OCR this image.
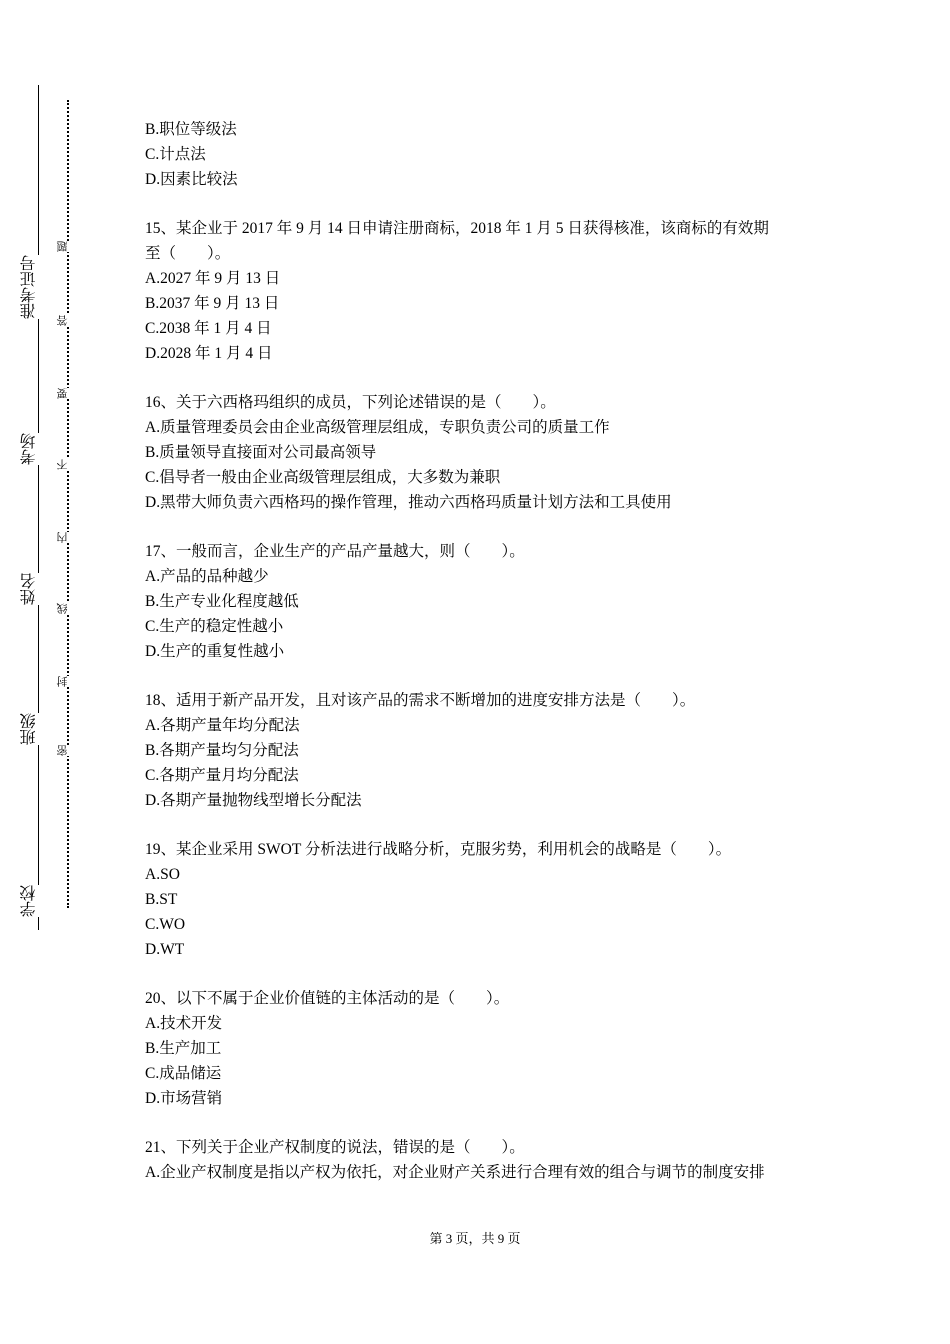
准考证号
考场
姓名
班级
学校
题
答
要
不
内
线
封
密
B.职位等级法
C.计点法
D.因素比较法
15、某企业于 2017 年 9 月 14 日申请注册商标，2018 年 1 月 5 日获得核准，该商标的有效期
至（　　）。
A.2027 年 9 月 13 日
B.2037 年 9 月 13 日
C.2038 年 1 月 4 日
D.2028 年 1 月 4 日
16、关于六西格玛组织的成员，下列论述错误的是（　　）。
A.质量管理委员会由企业高级管理层组成，专职负责公司的质量工作
B.质量领导直接面对公司最高领导
C.倡导者一般由企业高级管理层组成，大多数为兼职
D.黑带大师负责六西格玛的操作管理，推动六西格玛质量计划方法和工具使用
17、一般而言，企业生产的产品产量越大，则（　　）。
A.产品的品种越少
B.生产专业化程度越低
C.生产的稳定性越小
D.生产的重复性越小
18、适用于新产品开发，且对该产品的需求不断增加的进度安排方法是（　　）。
A.各期产量年均分配法
B.各期产量均匀分配法
C.各期产量月均分配法
D.各期产量抛物线型增长分配法
19、某企业采用 SWOT 分析法进行战略分析，克服劣势，利用机会的战略是（　　）。
A.SO
B.ST
C.WO
D.WT
20、以下不属于企业价值链的主体活动的是（　　）。
A.技术开发
B.生产加工
C.成品储运
D.市场营销
21、下列关于企业产权制度的说法，错误的是（　　）。
A.企业产权制度是指以产权为依托，对企业财产关系进行合理有效的组合与调节的制度安排
第 3 页，共 9 页
